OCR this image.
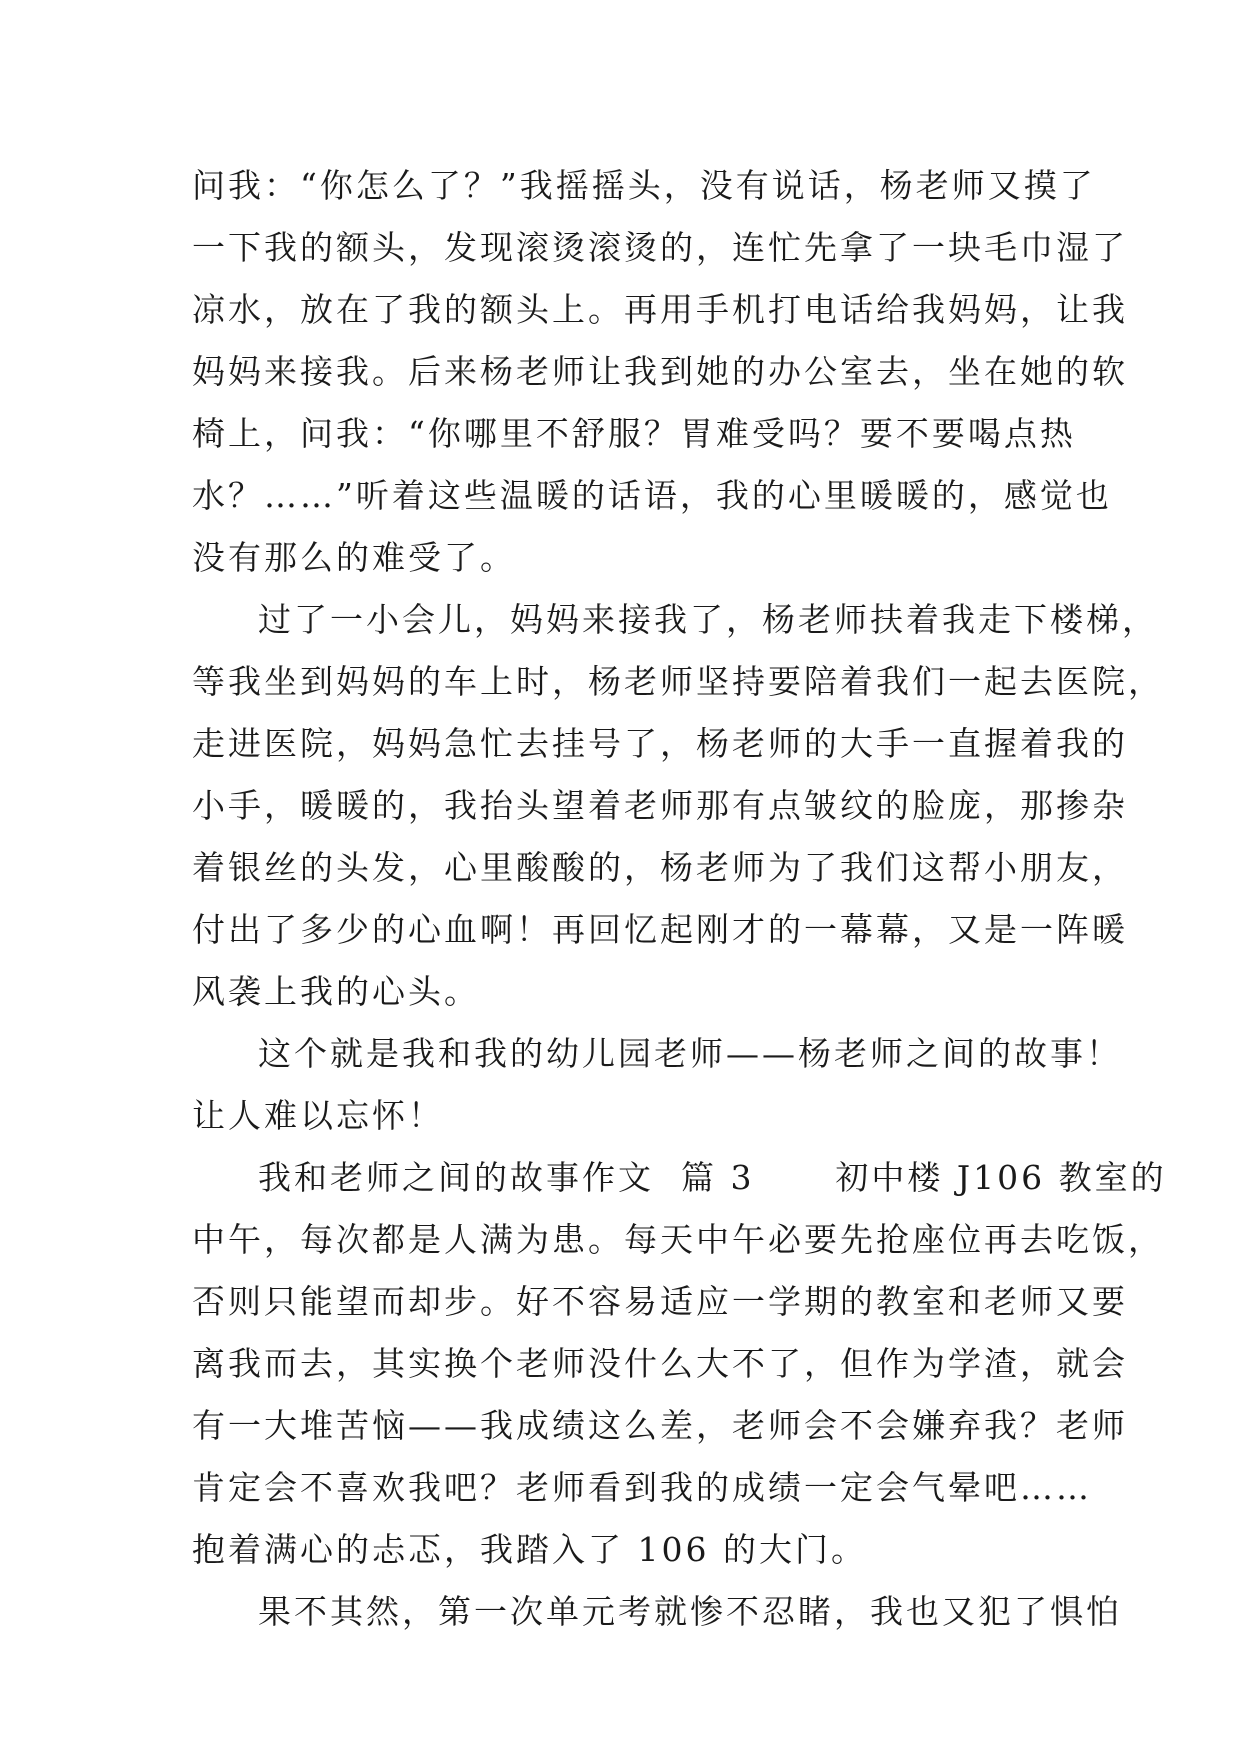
问我：“你怎么了？”我摇摇头，没有说话，杨老师又摸了
一下我的额头，发现滚烫滚烫的，连忙先拿了一块毛巾湿了
凉水，放在了我的额头上。再用手机打电话给我妈妈，让我
妈妈来接我。后来杨老师让我到她的办公室去，坐在她的软
椅上，问我：“你哪里不舒服？胃难受吗？要不要喝点热
水？……”听着这些温暖的话语，我的心里暖暖的，感觉也
没有那么的难受了。
过了一小会儿，妈妈来接我了，杨老师扶着我走下楼梯，
等我坐到妈妈的车上时，杨老师坚持要陪着我们一起去医院，
走进医院，妈妈急忙去挂号了，杨老师的大手一直握着我的
小手，暖暖的，我抬头望着老师那有点皱纹的脸庞，那掺杂
着银丝的头发，心里酸酸的，杨老师为了我们这帮小朋友，
付出了多少的心血啊！再回忆起刚才的一幕幕，又是一阵暖
风袭上我的心头。
这个就是我和我的幼儿园老师——杨老师之间的故事！
让人难以忘怀！
我和老师之间的故事作文  篇 3      初中楼 J106 教室的
中午，每次都是人满为患。每天中午必要先抢座位再去吃饭，
否则只能望而却步。好不容易适应一学期的教室和老师又要
离我而去，其实换个老师没什么大不了，但作为学渣，就会
有一大堆苦恼——我成绩这么差，老师会不会嫌弃我？老师
肯定会不喜欢我吧？老师看到我的成绩一定会气晕吧……
抱着满心的忐忑，我踏入了 106 的大门。
果不其然，第一次单元考就惨不忍睹，我也又犯了惧怕
